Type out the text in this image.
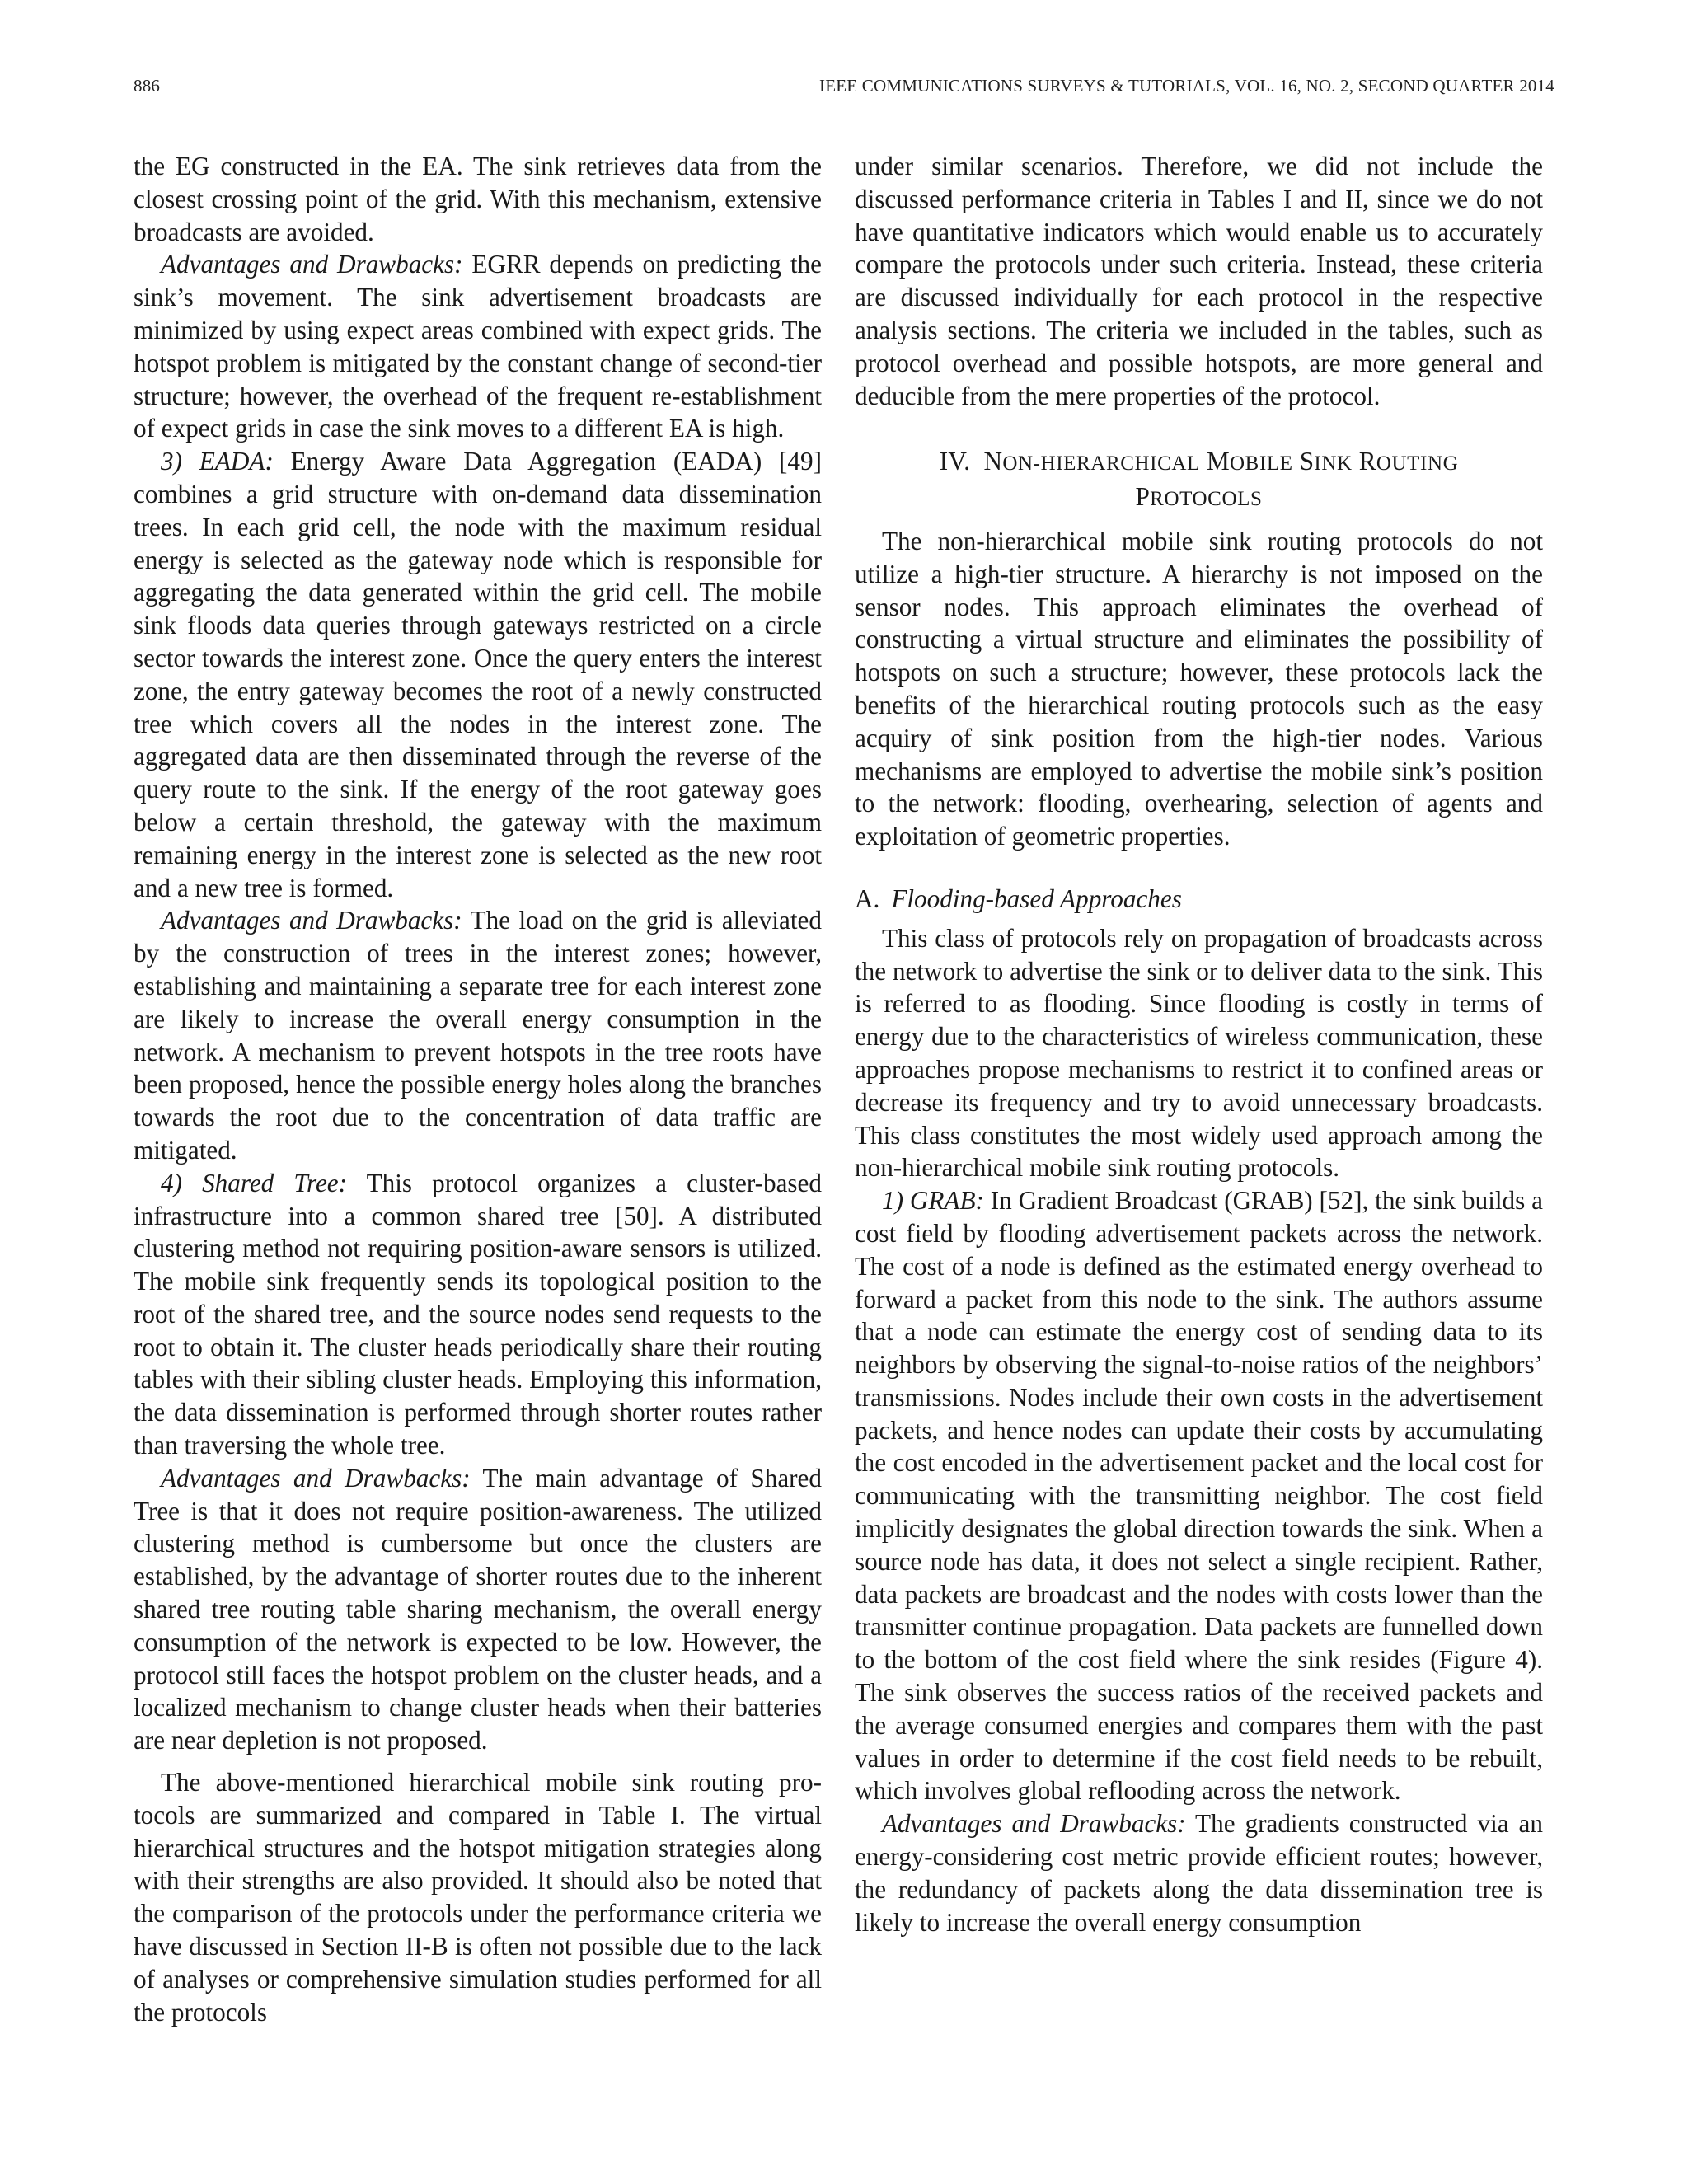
886	IEEE COMMUNICATIONS SURVEYS & TUTORIALS, VOL. 16, NO. 2, SECOND QUARTER 2014

the EG constructed in the EA. The sink retrieves data from the closest crossing point of the grid. With this mechanism, extensive broadcasts are avoided.

Advantages and Drawbacks: EGRR depends on predicting the sink’s movement. The sink advertisement broadcasts are minimized by using expect areas combined with expect grids. The hotspot problem is mitigated by the constant change of second-tier structure; however, the overhead of the frequent re-establishment of expect grids in case the sink moves to a different EA is high.

3) EADA: Energy Aware Data Aggregation (EADA) [49] combines a grid structure with on-demand data dissemination trees. In each grid cell, the node with the maximum residual energy is selected as the gateway node which is responsible for aggregating the data generated within the grid cell. The mobile sink floods data queries through gateways restricted on a circle sector towards the interest zone. Once the query enters the interest zone, the entry gateway becomes the root of a newly constructed tree which covers all the nodes in the interest zone. The aggregated data are then disseminated through the reverse of the query route to the sink. If the energy of the root gateway goes below a certain threshold, the gateway with the maximum remaining energy in the interest zone is selected as the new root and a new tree is formed.

Advantages and Drawbacks: The load on the grid is alleviated by the construction of trees in the interest zones; however, establishing and maintaining a separate tree for each interest zone are likely to increase the overall energy consumption in the network. A mechanism to prevent hotspots in the tree roots have been proposed, hence the possible energy holes along the branches towards the root due to the concentration of data traffic are mitigated.

4) Shared Tree: This protocol organizes a cluster-based infrastructure into a common shared tree [50]. A distributed clustering method not requiring position-aware sensors is utilized. The mobile sink frequently sends its topological position to the root of the shared tree, and the source nodes send requests to the root to obtain it. The cluster heads periodically share their routing tables with their sibling cluster heads. Employing this information, the data dissemination is performed through shorter routes rather than traversing the whole tree.

Advantages and Drawbacks: The main advantage of Shared Tree is that it does not require position-awareness. The utilized clustering method is cumbersome but once the clusters are established, by the advantage of shorter routes due to the inherent shared tree routing table sharing mechanism, the overall energy consumption of the network is expected to be low. However, the protocol still faces the hotspot problem on the cluster heads, and a localized mechanism to change cluster heads when their batteries are near depletion is not proposed.

The above-mentioned hierarchical mobile sink routing protocols are summarized and compared in Table I. The virtual hierarchical structures and the hotspot mitigation strategies along with their strengths are also provided. It should also be noted that the comparison of the protocols under the performance criteria we have discussed in Section II-B is often not possible due to the lack of analyses or comprehensive simulation studies performed for all the protocols

under similar scenarios. Therefore, we did not include the discussed performance criteria in Tables I and II, since we do not have quantitative indicators which would enable us to accurately compare the protocols under such criteria. Instead, these criteria are discussed individually for each protocol in the respective analysis sections. The criteria we included in the tables, such as protocol overhead and possible hotspots, are more general and deducible from the mere properties of the protocol.

IV. NON-HIERARCHICAL MOBILE SINK ROUTING
PROTOCOLS

The non-hierarchical mobile sink routing protocols do not utilize a high-tier structure. A hierarchy is not imposed on the sensor nodes. This approach eliminates the overhead of constructing a virtual structure and eliminates the possibility of hotspots on such a structure; however, these protocols lack the benefits of the hierarchical routing protocols such as the easy acquiry of sink position from the high-tier nodes. Various mechanisms are employed to advertise the mobile sink’s position to the network: flooding, overhearing, selection of agents and exploitation of geometric properties.

A. Flooding-based Approaches

This class of protocols rely on propagation of broadcasts across the network to advertise the sink or to deliver data to the sink. This is referred to as flooding. Since flooding is costly in terms of energy due to the characteristics of wireless communication, these approaches propose mechanisms to restrict it to confined areas or decrease its frequency and try to avoid unnecessary broadcasts. This class constitutes the most widely used approach among the non-hierarchical mobile sink routing protocols.

1) GRAB: In Gradient Broadcast (GRAB) [52], the sink builds a cost field by flooding advertisement packets across the network. The cost of a node is defined as the estimated energy overhead to forward a packet from this node to the sink. The authors assume that a node can estimate the energy cost of sending data to its neighbors by observing the signal-to-noise ratios of the neighbors’ transmissions. Nodes include their own costs in the advertisement packets, and hence nodes can update their costs by accumulating the cost encoded in the advertisement packet and the local cost for communicating with the transmitting neighbor. The cost field implicitly designates the global direction towards the sink. When a source node has data, it does not select a single recipient. Rather, data packets are broadcast and the nodes with costs lower than the transmitter continue propagation. Data packets are funnelled down to the bottom of the cost field where the sink resides (Figure 4). The sink observes the success ratios of the received packets and the average consumed energies and compares them with the past values in order to determine if the cost field needs to be rebuilt, which involves global reflooding across the network.

Advantages and Drawbacks: The gradients constructed via an energy-considering cost metric provide efficient routes; however, the redundancy of packets along the data dissemination tree is likely to increase the overall energy consumption
